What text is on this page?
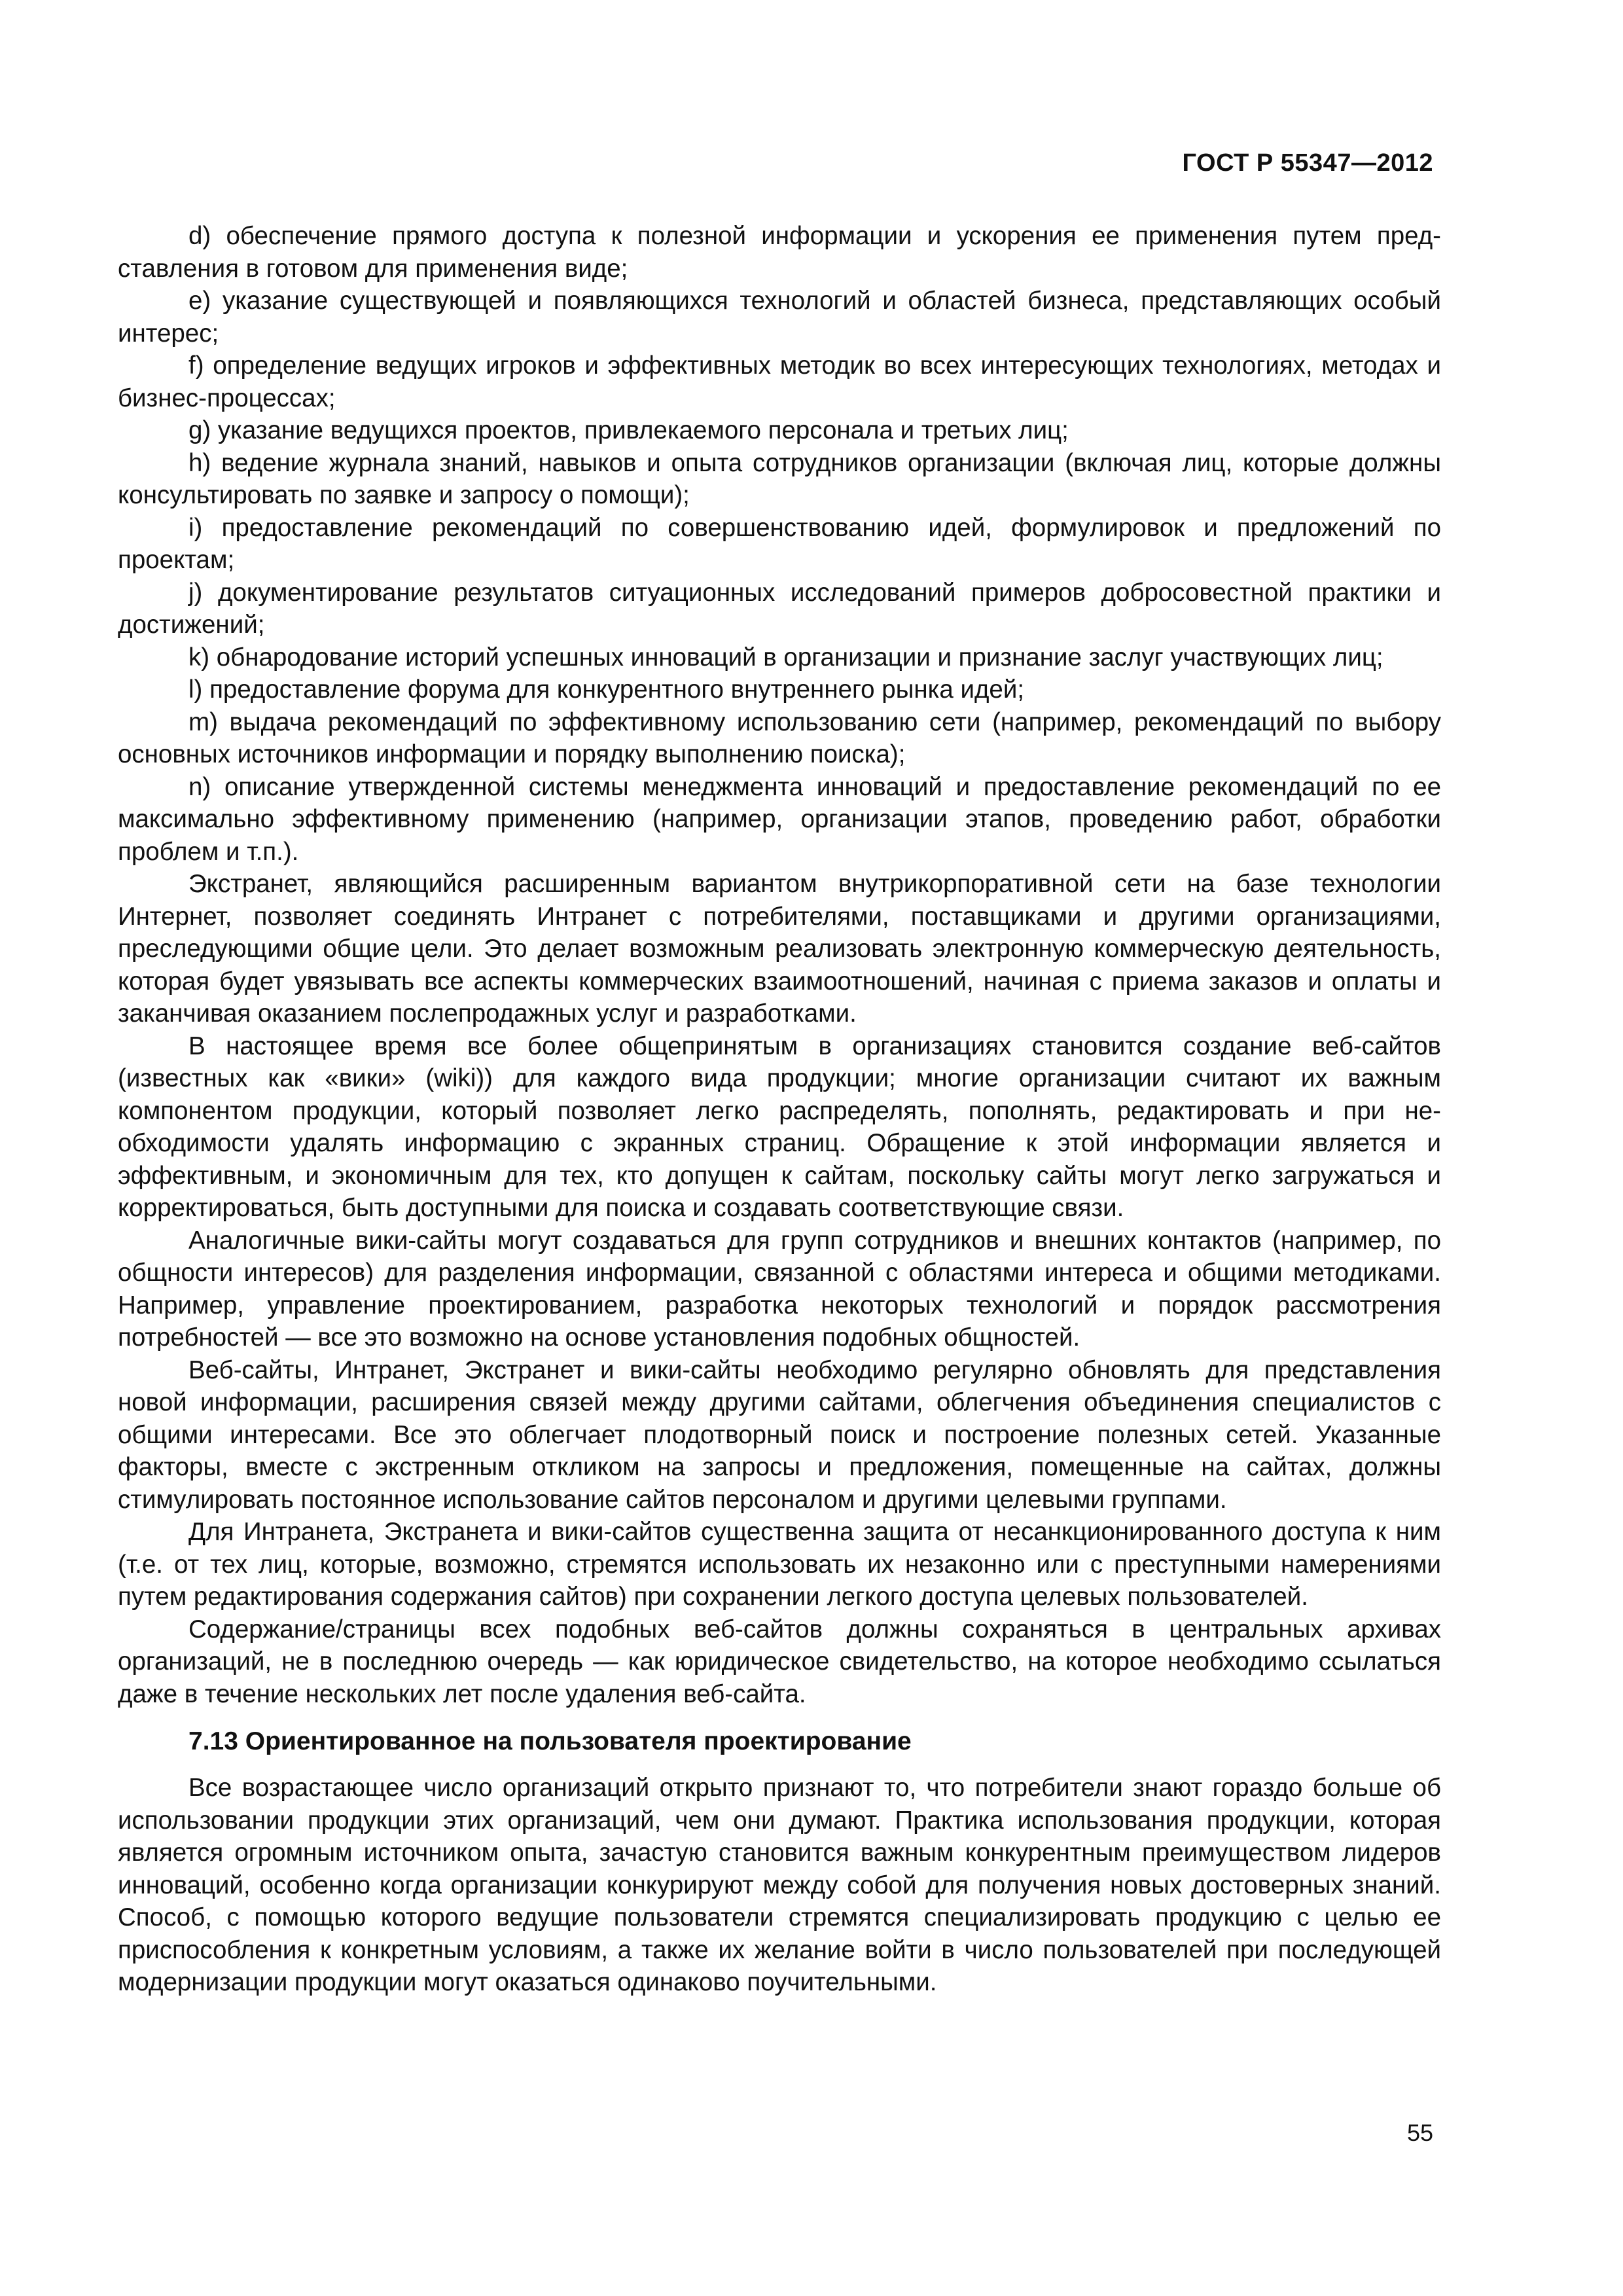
ГОСТ Р 55347—2012

d) обеспечение прямого доступа к полезной информации и ускорения ее применения путем представления в готовом для применения виде;

e) указание существующей и появляющихся технологий и областей бизнеса, представляющих особый интерес;

f) определение ведущих игроков и эффективных методик во всех интересующих технологиях, методах и бизнес-процессах;

g) указание ведущихся проектов, привлекаемого персонала и третьих лиц;

h) ведение журнала знаний, навыков и опыта сотрудников организации (включая лиц, которые должны консультировать по заявке и запросу о помощи);

i) предоставление рекомендаций по совершенствованию идей, формулировок и предложений по проектам;

j) документирование результатов ситуационных исследований примеров добросовестной практики и достижений;

k) обнародование историй успешных инноваций в организации и признание заслуг участвующих лиц;

l) предоставление форума для конкурентного внутреннего рынка идей;

m) выдача рекомендаций по эффективному использованию сети (например, рекомендаций по выбору основных источников информации и порядку выполнению поиска);

n) описание утвержденной системы менеджмента инноваций и предоставление рекомендаций по ее максимально эффективному применению (например, организации этапов, проведению работ, обработки проблем и т.п.).

Экстранет, являющийся расширенным вариантом внутрикорпоративной сети на базе технологии Интернет, позволяет соединять Интранет с потребителями, поставщиками и другими организациями, преследующими общие цели. Это делает возможным реализовать электронную коммерческую деятельность, которая будет увязывать все аспекты коммерческих взаимоотношений, начиная с приема заказов и оплаты и заканчивая оказанием послепродажных услуг и разработками.

В настоящее время все более общепринятым в организациях становится создание веб-сайтов (известных как «вики» (wiki)) для каждого вида продукции; многие организации считают их важным компонентом продукции, который позволяет легко распределять, пополнять, редактировать и при необходимости удалять информацию с экранных страниц. Обращение к этой информации является и эффективным, и экономичным для тех, кто допущен к сайтам, поскольку сайты могут легко загружаться и корректироваться, быть доступными для поиска и создавать соответствующие связи.

Аналогичные вики-сайты могут создаваться для групп сотрудников и внешних контактов (например, по общности интересов) для разделения информации, связанной с областями интереса и общими методиками. Например, управление проектированием, разработка некоторых технологий и порядок рассмотрения потребностей — все это возможно на основе установления подобных общностей.

Веб-сайты, Интранет, Экстранет и вики-сайты необходимо регулярно обновлять для представления новой информации, расширения связей между другими сайтами, облегчения объединения специалистов с общими интересами. Все это облегчает плодотворный поиск и построение полезных сетей. Указанные факторы, вместе с экстренным откликом на запросы и предложения, помещенные на сайтах, должны стимулировать постоянное использование сайтов персоналом и другими целевыми группами.

Для Интранета, Экстранета и вики-сайтов существенна защита от несанкционированного доступа к ним (т.е. от тех лиц, которые, возможно, стремятся использовать их незаконно или с преступными намерениями путем редактирования содержания сайтов) при сохранении легкого доступа целевых пользователей.

Содержание/страницы всех подобных веб-сайтов должны сохраняться в центральных архивах организаций, не в последнюю очередь — как юридическое свидетельство, на которое необходимо ссылаться даже в течение нескольких лет после удаления веб-сайта.

7.13 Ориентированное на пользователя проектирование

Все возрастающее число организаций открыто признают то, что потребители знают гораздо больше об использовании продукции этих организаций, чем они думают. Практика использования продукции, которая является огромным источником опыта, зачастую становится важным конкурентным преимуществом лидеров инноваций, особенно когда организации конкурируют между собой для получения новых достоверных знаний. Способ, с помощью которого ведущие пользователи стремятся специализировать продукцию с целью ее приспособления к конкретным условиям, а также их желание войти в число пользователей при последующей модернизации продукции могут оказаться одинаково поучительными.

55
